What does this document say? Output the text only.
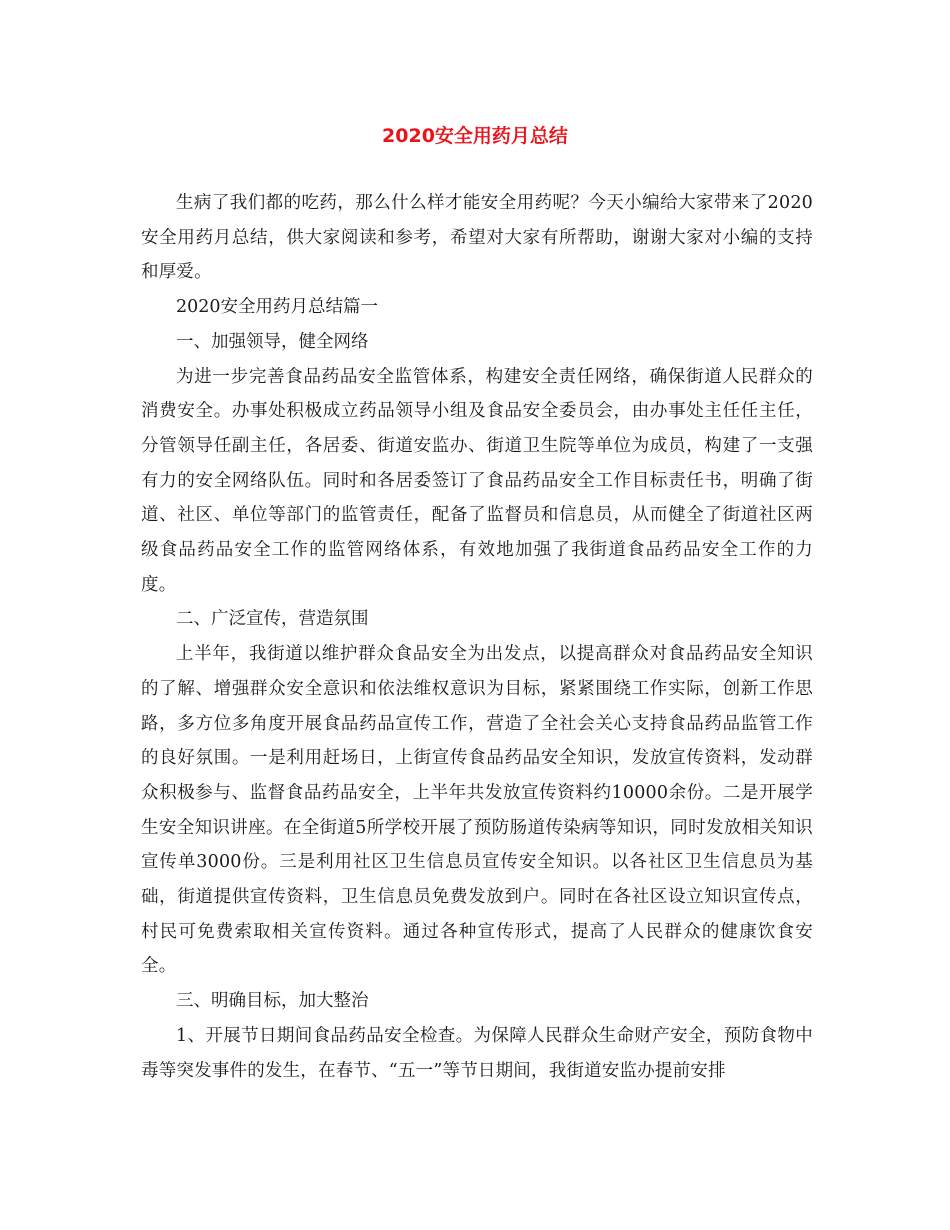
2020安全用药月总结

生病了我们都的吃药，那么什么样才能安全用药呢？今天小编给大家带来了2020安全用药月总结，供大家阅读和参考，希望对大家有所帮助，谢谢大家对小编的支持和厚爱。

2020安全用药月总结篇一

一、加强领导，健全网络

为进一步完善食品药品安全监管体系，构建安全责任网络，确保街道人民群众的消费安全。办事处积极成立药品领导小组及食品安全委员会，由办事处主任任主任，分管领导任副主任，各居委、街道安监办、街道卫生院等单位为成员，构建了一支强有力的安全网络队伍。同时和各居委签订了食品药品安全工作目标责任书，明确了街道、社区、单位等部门的监管责任，配备了监督员和信息员，从而健全了街道社区两级食品药品安全工作的监管网络体系，有效地加强了我街道食品药品安全工作的力度。

二、广泛宣传，营造氛围

上半年，我街道以维护群众食品安全为出发点，以提高群众对食品药品安全知识的了解、增强群众安全意识和依法维权意识为目标，紧紧围绕工作实际，创新工作思路，多方位多角度开展食品药品宣传工作，营造了全社会关心支持食品药品监管工作的良好氛围。一是利用赶场日，上街宣传食品药品安全知识，发放宣传资料，发动群众积极参与、监督食品药品安全，上半年共发放宣传资料约10000余份。二是开展学生安全知识讲座。在全街道5所学校开展了预防肠道传染病等知识，同时发放相关知识宣传单3000份。三是利用社区卫生信息员宣传安全知识。以各社区卫生信息员为基础，街道提供宣传资料，卫生信息员免费发放到户。同时在各社区设立知识宣传点，村民可免费索取相关宣传资料。通过各种宣传形式，提高了人民群众的健康饮食安全。

三、明确目标，加大整治

1、开展节日期间食品药品安全检查。为保障人民群众生命财产安全，预防食物中毒等突发事件的发生，在春节、“五一”等节日期间，我街道安监办提前安排
